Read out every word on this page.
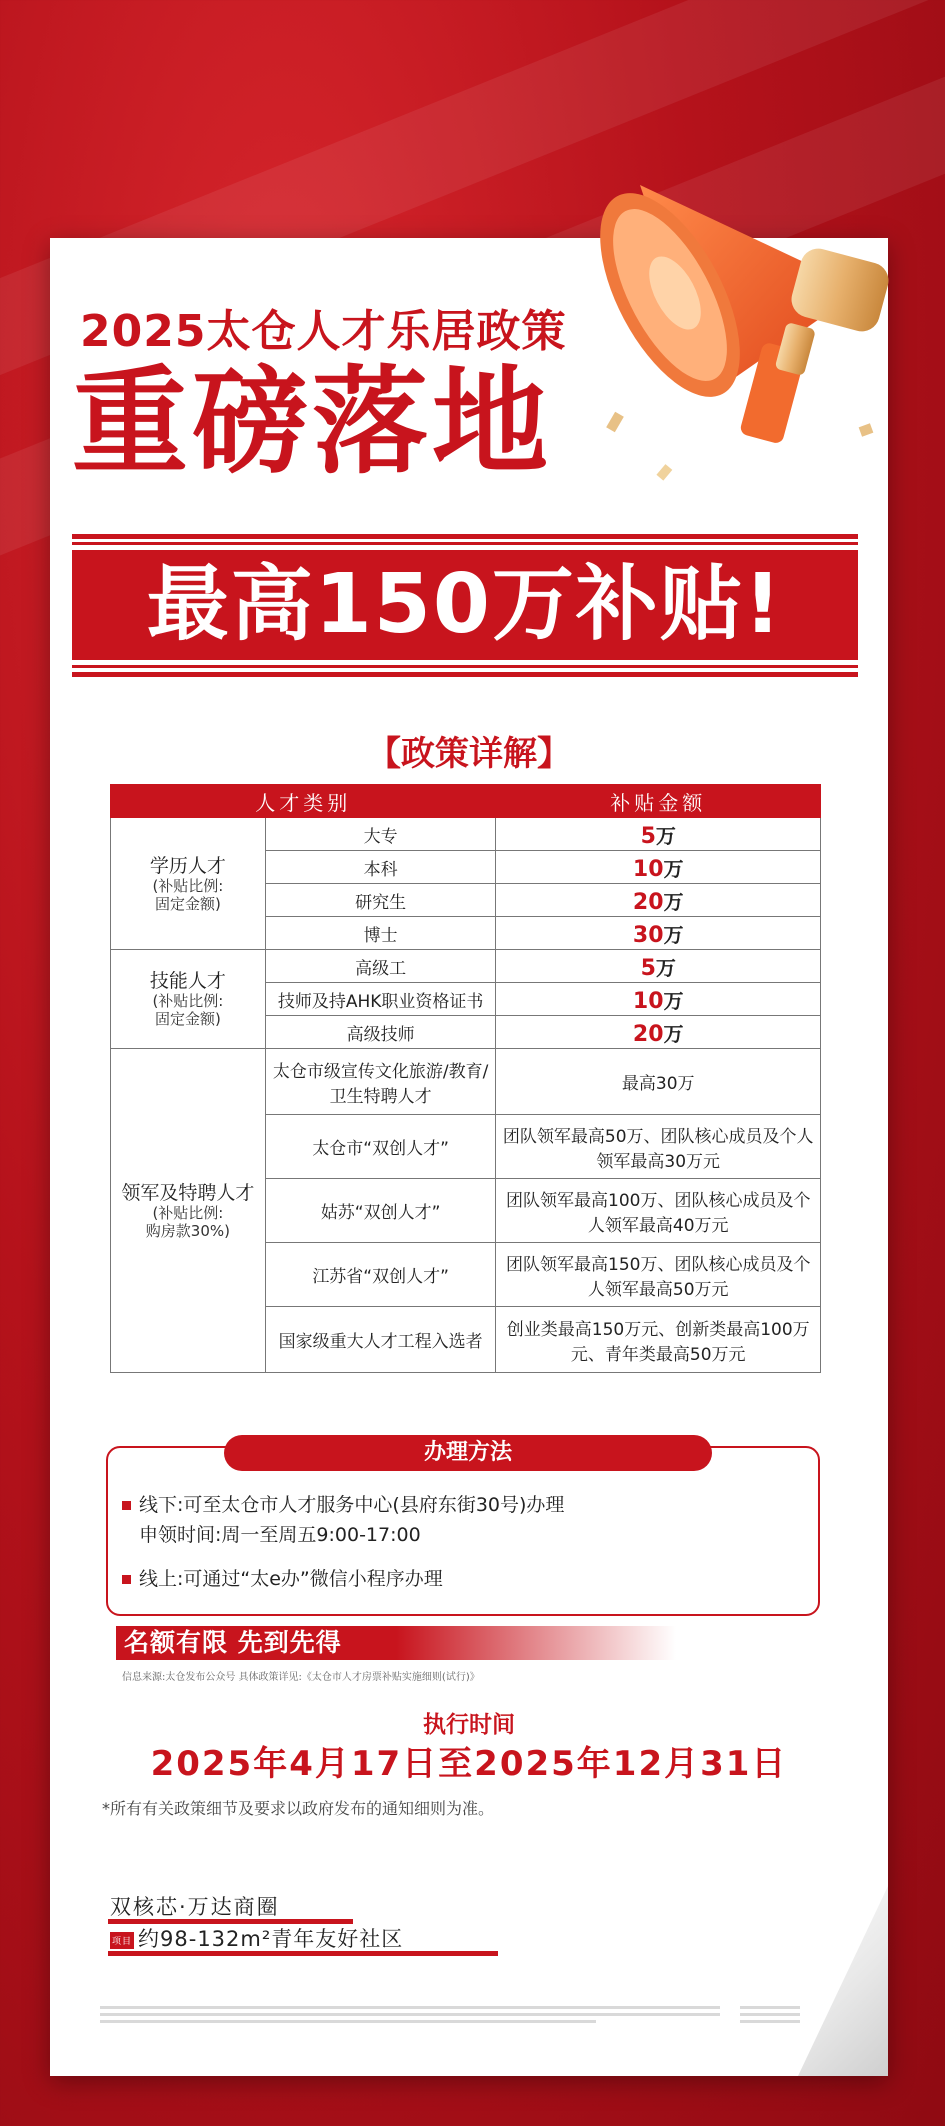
2025太仓人才乐居政策
重磅落地
最高150万补贴!
【政策详解】
人才类别		补贴金额
学历人才
(补贴比例:
固定金额)	大专	5万
	本科	10万
	研究生	20万
	博士	30万
技能人才
(补贴比例:
固定金额)	高级工	5万
	技师及持AHK职业资格证书	10万
	高级技师	20万
领军及特聘人才
(补贴比例:
购房款30%)	太仓市级宣传文化旅游/教育/卫生特聘人才	最高30万
	太仓市“双创人才”	团队领军最高50万、团队核心成员及个人领军最高30万元
	姑苏“双创人才”	团队领军最高100万、团队核心成员及个人领军最高40万元
	江苏省“双创人才”	团队领军最高150万、团队核心成员及个人领军最高50万元
	国家级重大人才工程入选者	创业类最高150万元、创新类最高100万元、青年类最高50万元
办理方法
线下:可至太仓市人才服务中心(县府东街30号)办理
申领时间:周一至周五9:00-17:00
线上:可通过“太e办”微信小程序办理
名额有限 先到先得
信息来源:太仓发布公众号 具体政策详见:《太仓市人才房票补贴实施细则(试行)》
执行时间
2025年4月17日至2025年12月31日
*所有有关政策细节及要求以政府发布的通知细则为准。
双核芯·万达商圈
项目 约98-132m²青年友好社区
